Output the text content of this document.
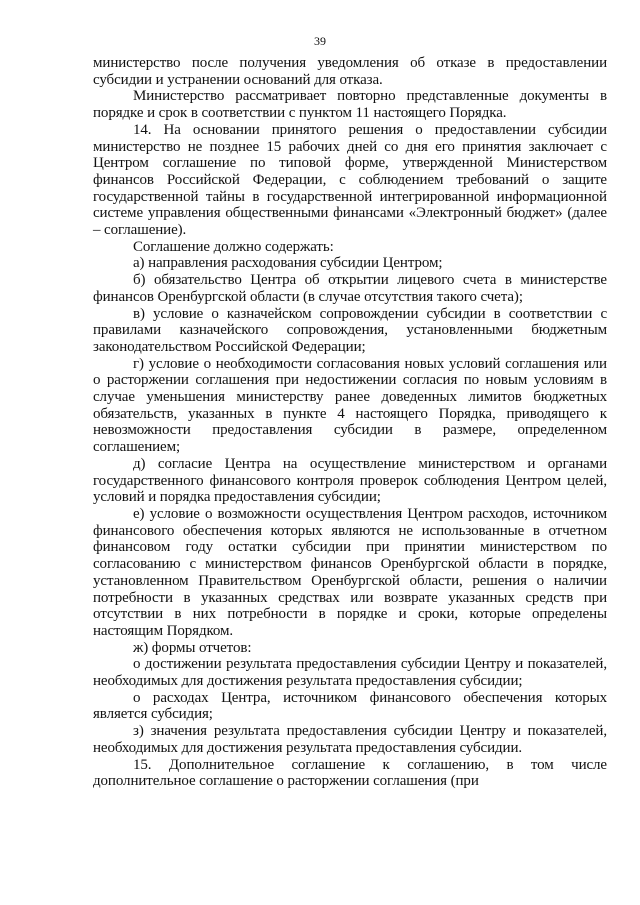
39

министерство после получения уведомления об отказе в предоставлении субсидии и устранении оснований для отказа.

Министерство рассматривает повторно представленные документы в порядке и срок в соответствии с пунктом 11 настоящего Порядка.

14. На основании принятого решения о предоставлении субсидии министерство не позднее 15 рабочих дней со дня его принятия заключает с Центром соглашение по типовой форме, утвержденной Министерством финансов Российской Федерации, с соблюдением требований о защите государственной тайны в государственной интегрированной информационной системе управления общественными финансами «Электронный бюджет» (далее – соглашение).

Соглашение должно содержать:

а) направления расходования субсидии Центром;

б) обязательство Центра об открытии лицевого счета в министерстве финансов Оренбургской области (в случае отсутствия такого счета);

в) условие о казначейском сопровождении субсидии в соответствии с правилами казначейского сопровождения, установленными бюджетным законодательством Российской Федерации;

г) условие о необходимости согласования новых условий соглашения или о расторжении соглашения при недостижении согласия по новым условиям в случае уменьшения министерству ранее доведенных лимитов бюджетных обязательств, указанных в пункте 4 настоящего Порядка, приводящего к невозможности предоставления субсидии в размере, определенном соглашением;

д) согласие Центра на осуществление министерством и органами государственного финансового контроля проверок соблюдения Центром целей, условий и порядка предоставления субсидии;

е) условие о возможности осуществления Центром расходов, источником финансового обеспечения которых являются не использованные в отчетном финансовом году остатки субсидии при принятии министерством по согласованию с министерством финансов Оренбургской области в порядке, установленном Правительством Оренбургской области, решения о наличии потребности в указанных средствах или возврате указанных средств при отсутствии в них потребности в порядке и сроки, которые определены настоящим Порядком.

ж) формы отчетов:

о достижении результата предоставления субсидии Центру и показателей, необходимых для достижения результата предоставления субсидии;

о расходах Центра, источником финансового обеспечения которых является субсидия;

з) значения результата предоставления субсидии Центру и показателей, необходимых для достижения результата предоставления субсидии.

15. Дополнительное соглашение к соглашению, в том числе дополнительное соглашение о расторжении соглашения (при
